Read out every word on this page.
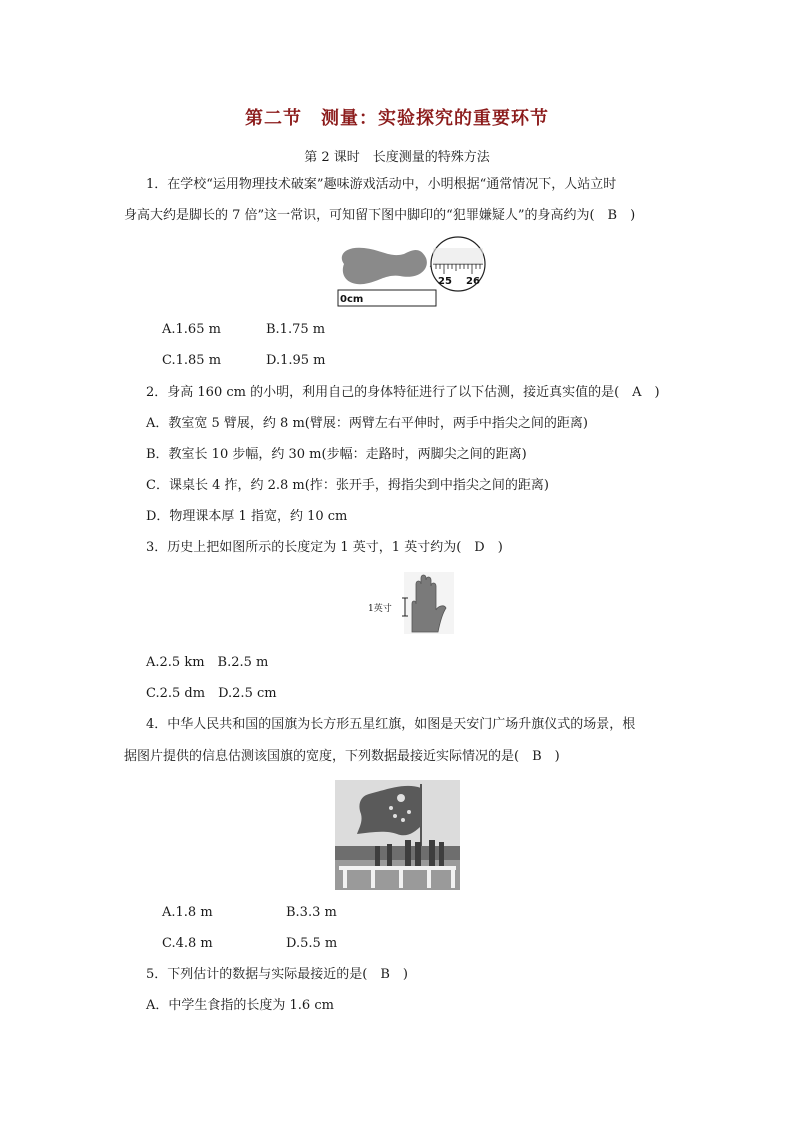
第二节　测量：实验探究的重要环节
第 2 课时　长度测量的特殊方法
1．在学校“运用物理技术破案”趣味游戏活动中，小明根据“通常情况下，人站立时
身高大约是脚长的 7 倍”这一常识，可知留下图中脚印的“犯罪嫌疑人”的身高约为(　B　)
0cm
25 26
A.1.65 m	B.1.75 m
C.1.85 m	D.1.95 m
2．身高 160 cm 的小明，利用自己的身体特征进行了以下估测，接近真实值的是(　A　)
A．教室宽 5 臂展，约 8 m(臂展：两臂左右平伸时，两手中指尖之间的距离)
B．教室长 10 步幅，约 30 m(步幅：走路时，两脚尖之间的距离)
C．课桌长 4 拃，约 2.8 m(拃：张开手，拇指尖到中指尖之间的距离)
D．物理课本厚 1 指宽，约 10 cm
3．历史上把如图所示的长度定为 1 英寸，1 英寸约为(　D　)
1英寸
A.2.5 km　B.2.5 m
C.2.5 dm　D.2.5 cm
4．中华人民共和国的国旗为长方形五星红旗，如图是天安门广场升旗仪式的场景，根
据图片提供的信息估测该国旗的宽度，下列数据最接近实际情况的是(　B　)
A.1.8 m	B.3.3 m
C.4.8 m	D.5.5 m
5．下列估计的数据与实际最接近的是(　B　)
A．中学生食指的长度为 1.6 cm
